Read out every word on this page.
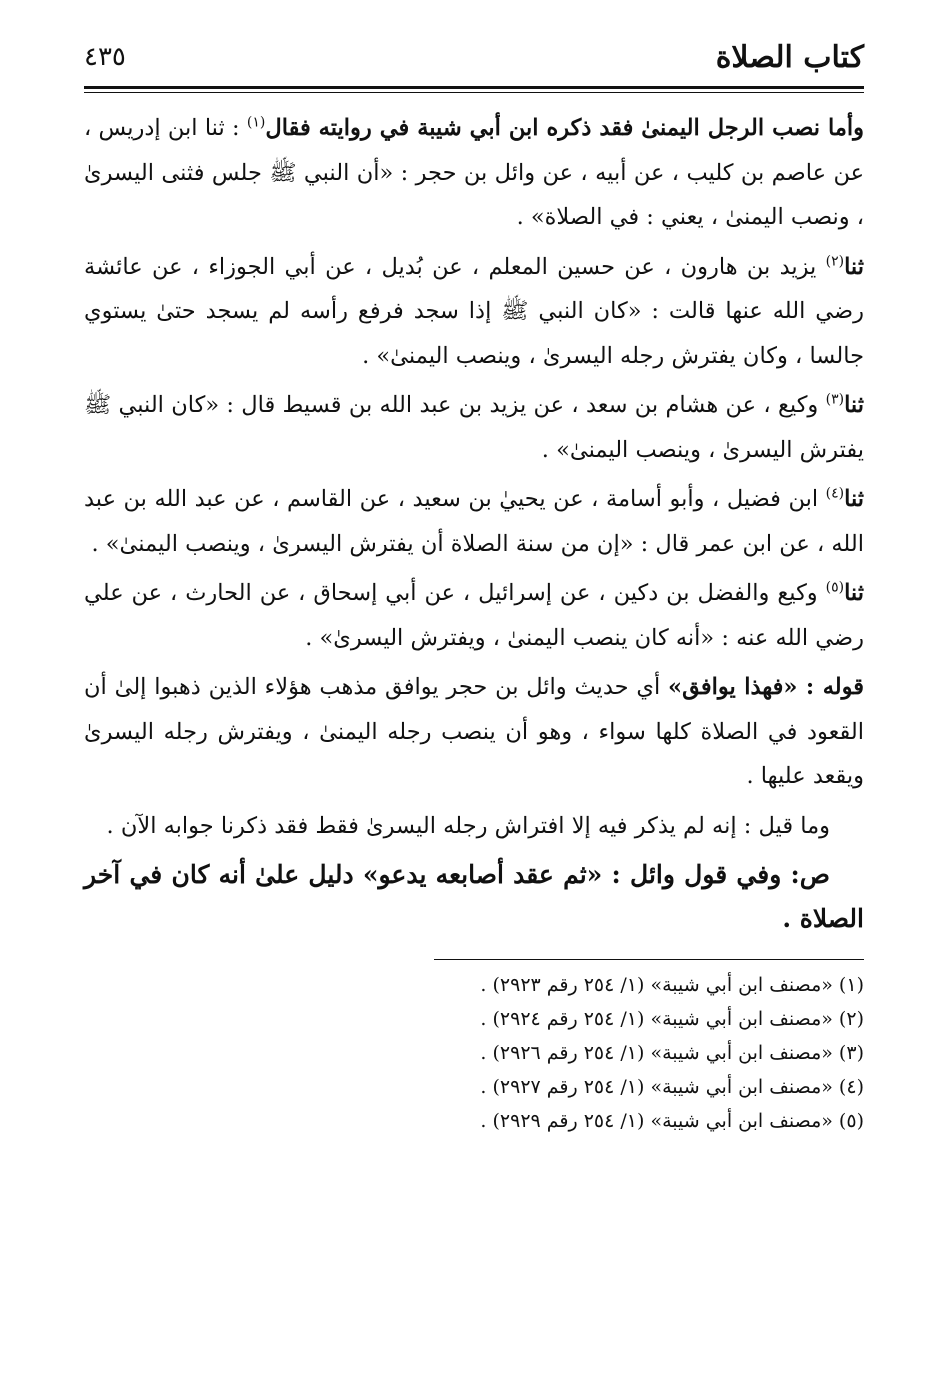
كتاب الصلاة
٤٣٥

وأما نصب الرجل اليمنىٰ فقد ذكره ابن أبي شيبة في روايته فقال$^{(١)}$ : ثنا ابن إدريس ، عن عاصم بن كليب ، عن أبيه ، عن وائل بن حجر : «أن النبي ﷺ جلس فثنى اليسرىٰ ، ونصب اليمنىٰ ، يعني : في الصلاة» .

ثنا$^{(٢)}$ يزيد بن هارون ، عن حسين المعلم ، عن بُديل ، عن أبي الجوزاء ، عن عائشة رضي الله عنها قالت : «كان النبي ﷺ إذا سجد فرفع رأسه لم يسجد حتىٰ يستوي جالسا ، وكان يفترش رجله اليسرىٰ ، وينصب اليمنىٰ» .

ثنا$^{(٣)}$ وكيع ، عن هشام بن سعد ، عن يزيد بن عبد الله بن قسيط قال : «كان النبي ﷺ يفترش اليسرىٰ ، وينصب اليمنىٰ» .

ثنا$^{(٤)}$ ابن فضيل ، وأبو أسامة ، عن يحييٰ بن سعيد ، عن القاسم ، عن عبد الله بن عبد الله ، عن ابن عمر قال : «إن من سنة الصلاة أن يفترش اليسرىٰ ، وينصب اليمنىٰ» .

ثنا$^{(٥)}$ وكيع والفضل بن دكين ، عن إسرائيل ، عن أبي إسحاق ، عن الحارث ، عن علي رضي الله عنه : «أنه كان ينصب اليمنىٰ ، ويفترش اليسرىٰ» .

قوله : «فهذا يوافق» أي حديث وائل بن حجر يوافق مذهب هؤلاء الذين ذهبوا إلىٰ أن القعود في الصلاة كلها سواء ، وهو أن ينصب رجله اليمنىٰ ، ويفترش رجله اليسرىٰ ويقعد عليها .

وما قيل : إنه لم يذكر فيه إلا افتراش رجله اليسرىٰ فقط فقد ذكرنا جوابه الآن .

ص: وفي قول وائل : «ثم عقد أصابعه يدعو» دليل علىٰ أنه كان في آخر الصلاة .

(١) «مصنف ابن أبي شيبة» (١/ ٢٥٤ رقم ٢٩٢٣) .

(٢) «مصنف ابن أبي شيبة» (١/ ٢٥٤ رقم ٢٩٢٤) .

(٣) «مصنف ابن أبي شيبة» (١/ ٢٥٤ رقم ٢٩٢٦) .

(٤) «مصنف ابن أبي شيبة» (١/ ٢٥٤ رقم ٢٩٢٧) .

(٥) «مصنف ابن أبي شيبة» (١/ ٢٥٤ رقم ٢٩٢٩) .
